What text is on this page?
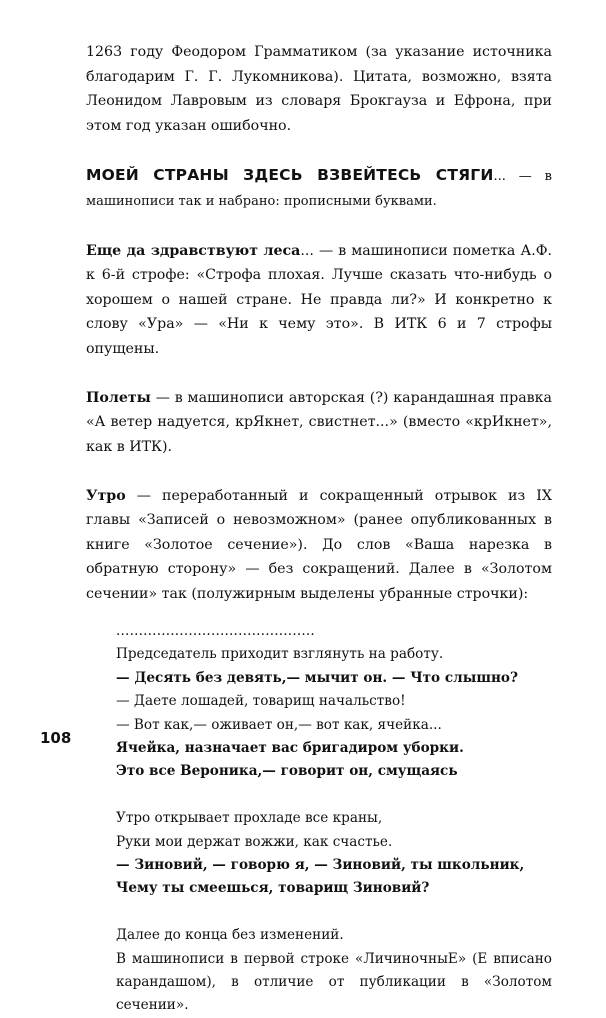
1263 году Феодором Грамматиком (за указание источника благодарим Г. Г. Лукомникова). Цитата, возможно, взята Леонидом Лавровым из словаря Брокгауза и Ефрона, при этом год указан ошибочно.

МОЕЙ СТРАНЫ ЗДЕСЬ ВЗВЕЙТЕСЬ СТЯГИ... — в машинописи так и набрано: прописными буквами.

Еще да здравствуют леса... — в машинописи пометка А.Ф. к 6-й строфе: «Строфа плохая. Лучше сказать что-нибудь о хорошем о нашей стране. Не правда ли?» И конкретно к слову «Ура» — «Ни к чему это». В ИТК 6 и 7 строфы опущены.

Полеты — в машинописи авторская (?) карандашная правка «А ветер надуется, крЯкнет, свистнет...» (вместо «крИкнет», как в ИТК).

Утро — переработанный и сокращенный отрывок из IX главы «Записей о невозможном» (ранее опубликованных в книге «Золотое сечение»). До слов «Ваша нарезка в обратную сторону» — без сокращений. Далее в «Золотом сечении» так (полужирным выделены убранные строчки):

............................................

Председатель приходит взглянуть на работу.

— Десять без девять,— мычит он. — Что слышно?

— Даете лошадей, товарищ начальство!

— Вот как,— оживает он,— вот как, ячейка...

Ячейка, назначает вас бригадиром уборки.

Это все Вероника,— говорит он, смущаясь

Утро открывает прохладе все краны,

Руки мои держат вожжи, как счастье.

— Зиновий, — говорю я, — Зиновий, ты школьник,

Чему ты смеешься, товарищ Зиновий?

Далее до конца без изменений.

В машинописи в первой строке «ЛичиночныЕ» (Е вписано карандашом), в отличие от публикации в «Золотом сечении».

108
